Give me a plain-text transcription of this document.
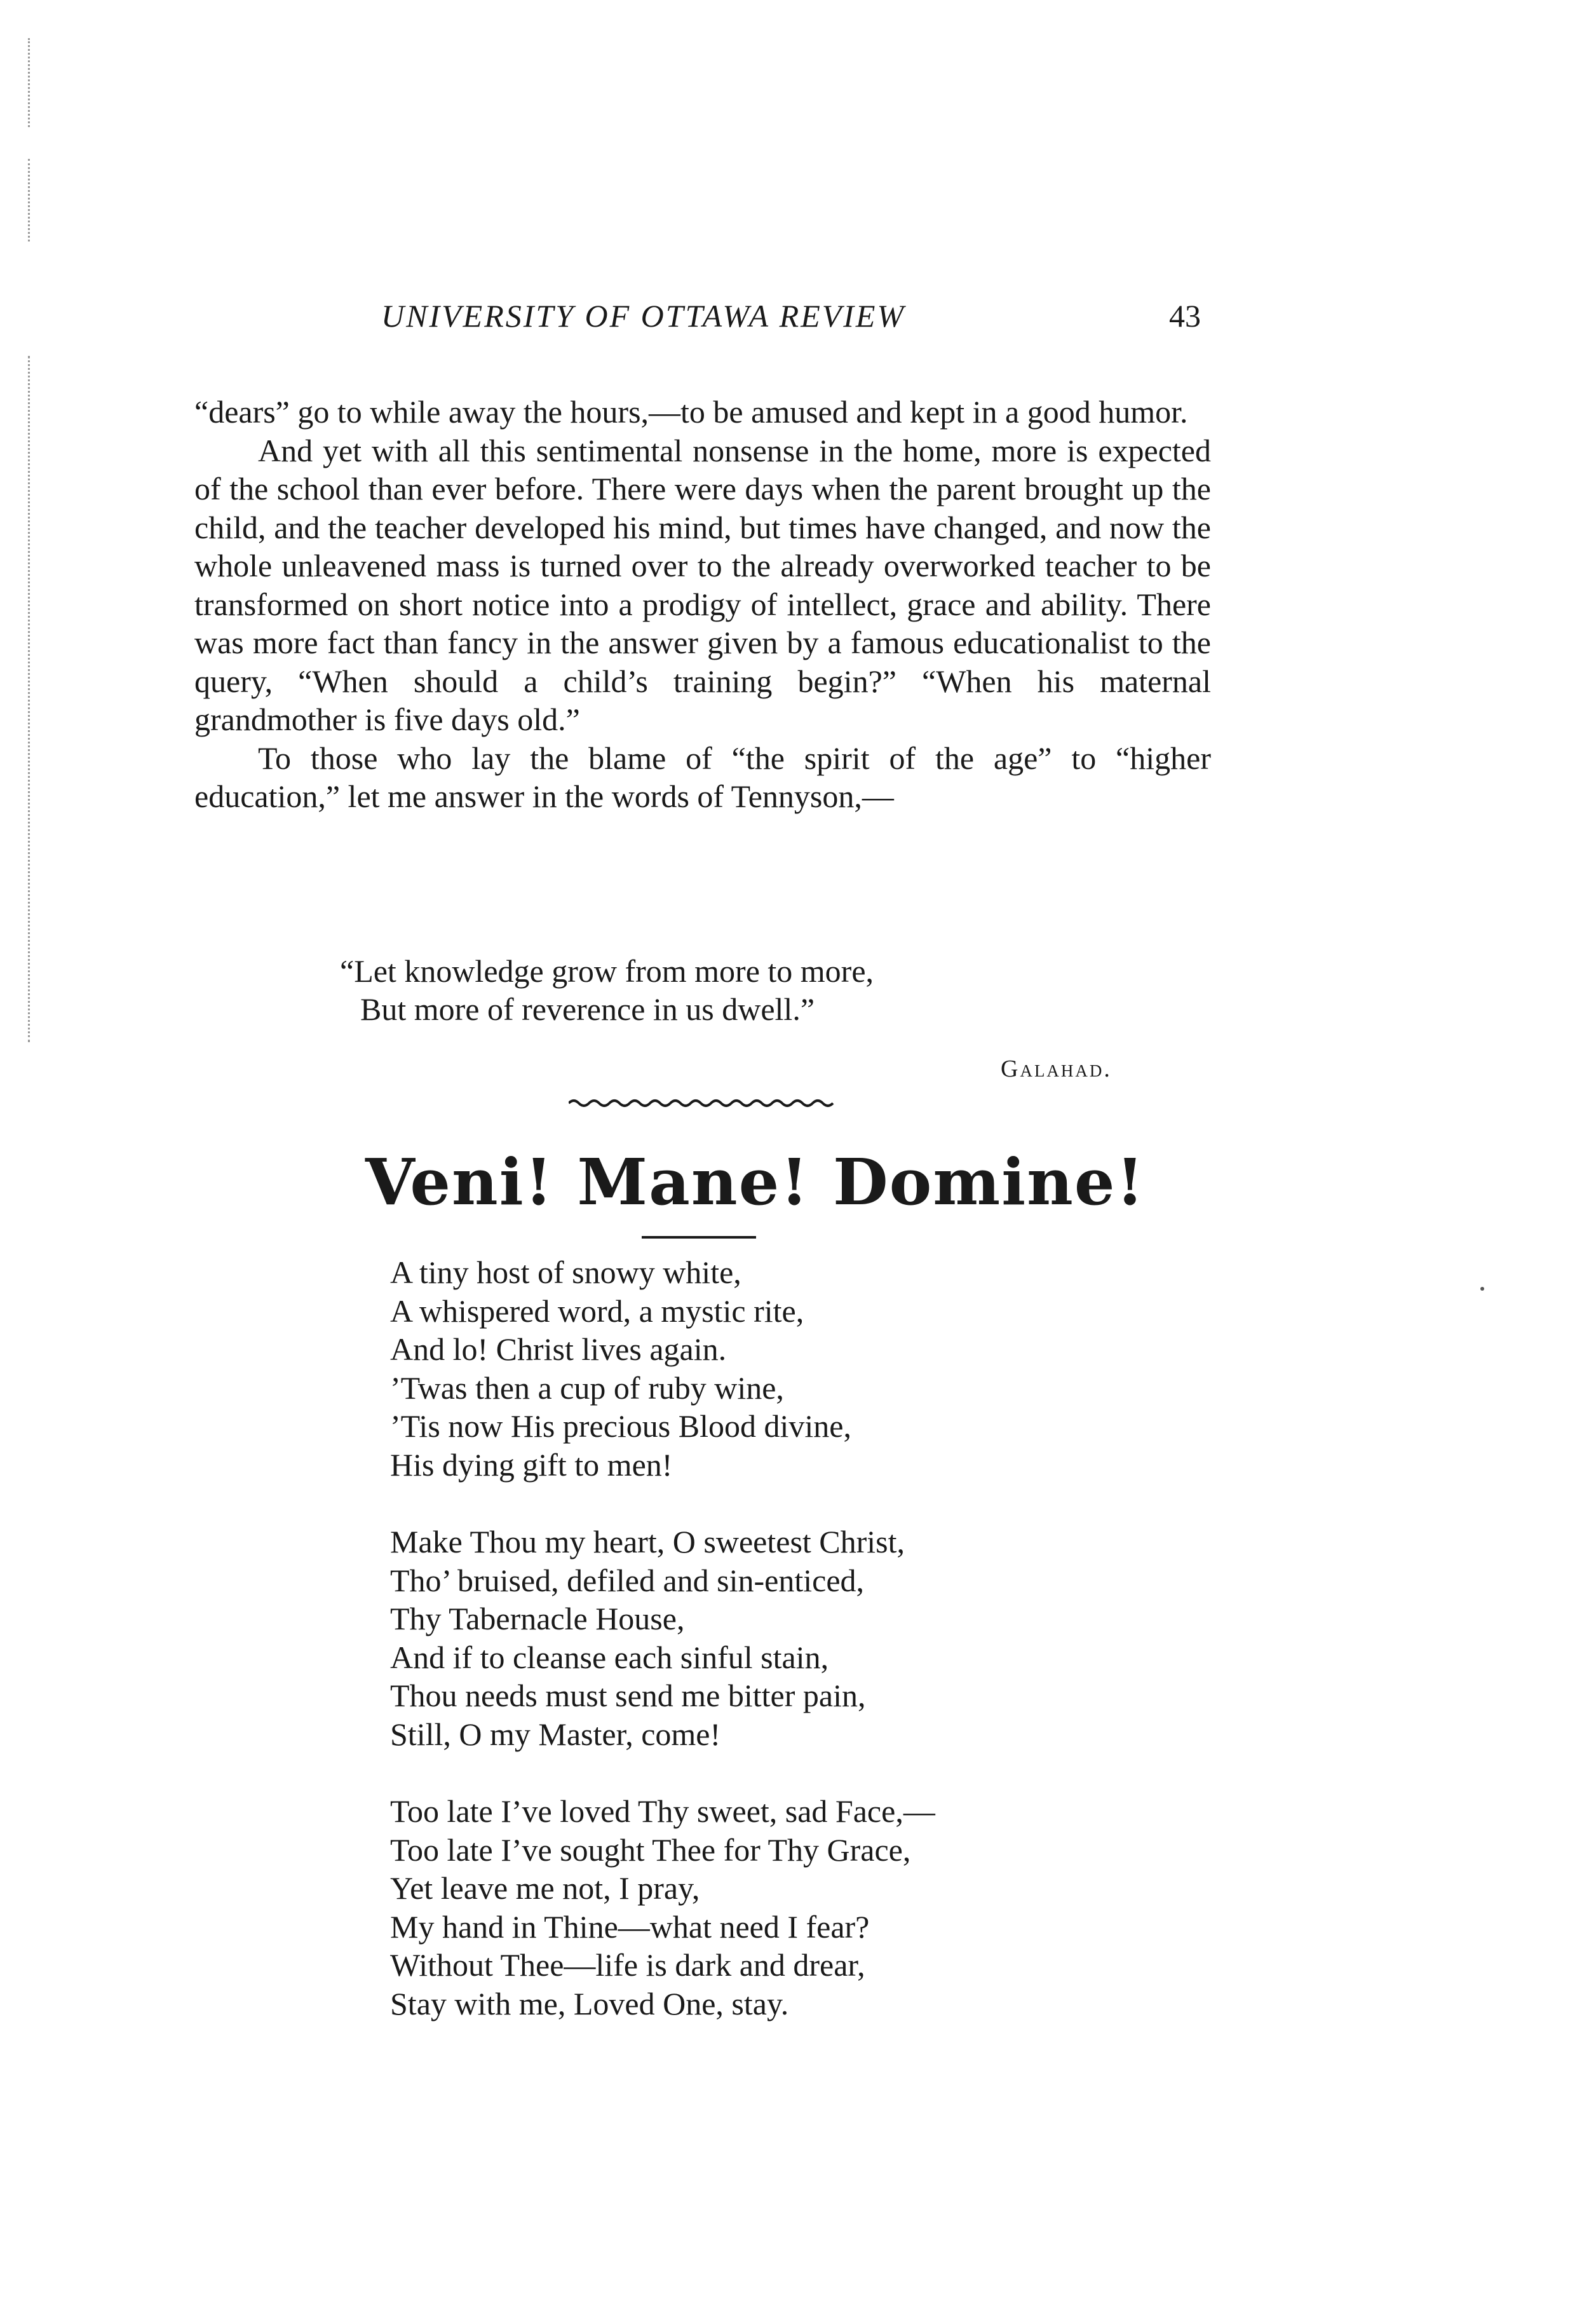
UNIVERSITY OF OTTAWA REVIEW	43

“dears” go to while away the hours,—to be amused and kept in a good humor.

And yet with all this sentimental nonsense in the home, more is expected of the school than ever before. There were days when the parent brought up the child, and the teacher developed his mind, but times have changed, and now the whole unleavened mass is turned over to the already overworked teacher to be transformed on short notice into a prodigy of intellect, grace and ability. There was more fact than fancy in the answer given by a famous educationalist to the query, “When should a child’s training begin?” “When his maternal grandmother is five days old.”

To those who lay the blame of “the spirit of the age” to “higher education,” let me answer in the words of Tennyson,—

“Let knowledge grow from more to more,
But more of reverence in us dwell.”
Galahad.
Veni! Mane! Domine!
A tiny host of snowy white,
A whispered word, a mystic rite,
And lo! Christ lives again.
’Twas then a cup of ruby wine,
’Tis now His precious Blood divine,
His dying gift to men!
Make Thou my heart, O sweetest Christ,
Tho’ bruised, defiled and sin-enticed,
Thy Tabernacle House,
And if to cleanse each sinful stain,
Thou needs must send me bitter pain,
Still, O my Master, come!
Too late I’ve loved Thy sweet, sad Face,—
Too late I’ve sought Thee for Thy Grace,
Yet leave me not, I pray,
My hand in Thine—what need I fear?
Without Thee—life is dark and drear,
Stay with me, Loved One, stay.
